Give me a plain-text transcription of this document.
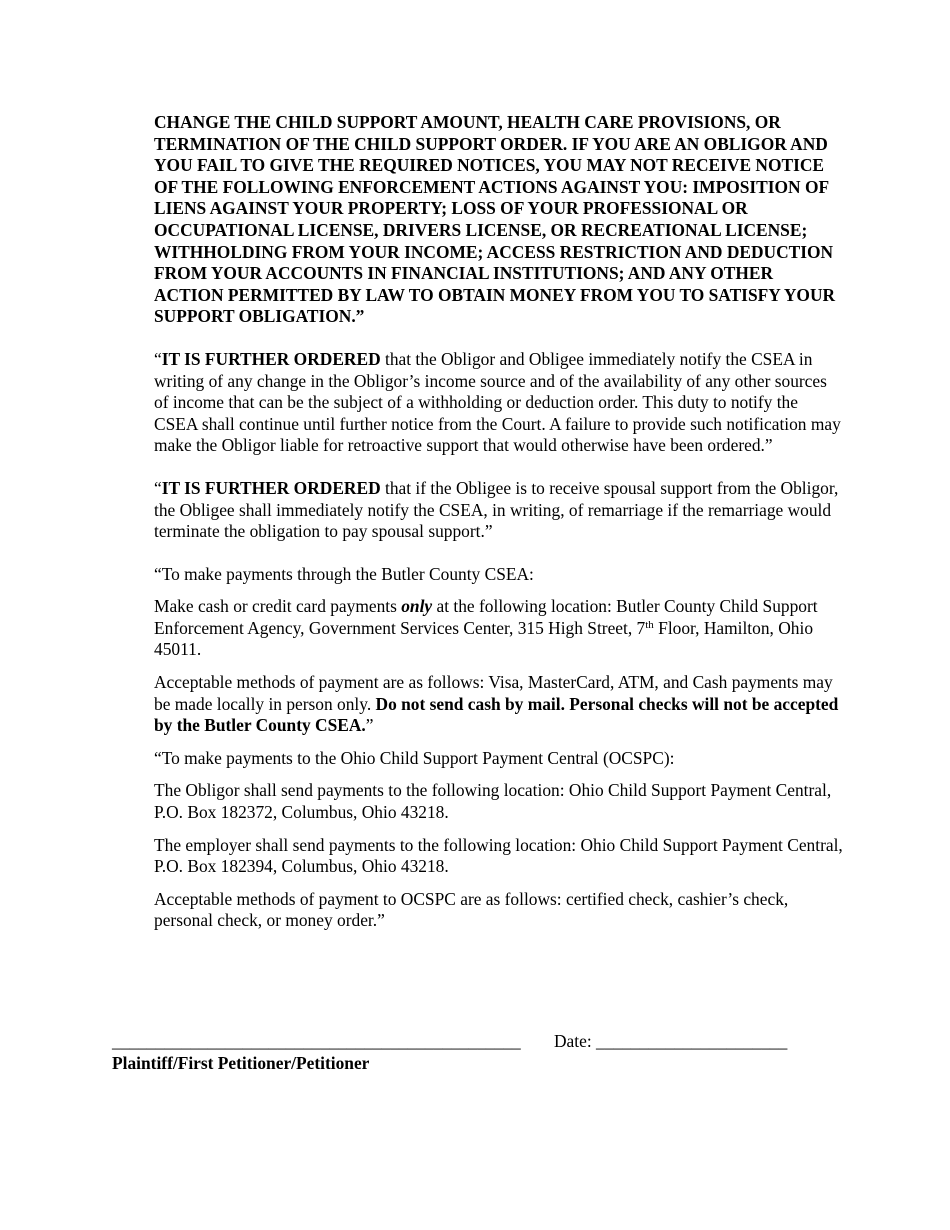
CHANGE THE CHILD SUPPORT AMOUNT, HEALTH CARE PROVISIONS, OR TERMINATION OF THE CHILD SUPPORT ORDER. IF YOU ARE AN OBLIGOR AND YOU FAIL TO GIVE THE REQUIRED NOTICES, YOU MAY NOT RECEIVE NOTICE OF THE FOLLOWING ENFORCEMENT ACTIONS AGAINST YOU: IMPOSITION OF LIENS AGAINST YOUR PROPERTY; LOSS OF YOUR PROFESSIONAL OR OCCUPATIONAL LICENSE, DRIVERS LICENSE, OR RECREATIONAL LICENSE; WITHHOLDING FROM YOUR INCOME; ACCESS RESTRICTION AND DEDUCTION FROM YOUR ACCOUNTS IN FINANCIAL INSTITUTIONS; AND ANY OTHER ACTION PERMITTED BY LAW TO OBTAIN MONEY FROM YOU TO SATISFY YOUR SUPPORT OBLIGATION.”

“IT IS FURTHER ORDERED that the Obligor and Obligee immediately notify the CSEA in writing of any change in the Obligor’s income source and of the availability of any other sources of income that can be the subject of a withholding or deduction order. This duty to notify the CSEA shall continue until further notice from the Court. A failure to provide such notification may make the Obligor liable for retroactive support that would otherwise have been ordered.”

“IT IS FURTHER ORDERED that if the Obligee is to receive spousal support from the Obligor, the Obligee shall immediately notify the CSEA, in writing, of remarriage if the remarriage would terminate the obligation to pay spousal support.”

“To make payments through the Butler County CSEA:

Make cash or credit card payments only at the following location: Butler County Child Support Enforcement Agency, Government Services Center, 315 High Street, 7th Floor, Hamilton, Ohio 45011.

Acceptable methods of payment are as follows: Visa, MasterCard, ATM, and Cash payments may be made locally in person only. Do not send cash by mail. Personal checks will not be accepted by the Butler County CSEA.”

“To make payments to the Ohio Child Support Payment Central (OCSPC):

The Obligor shall send payments to the following location: Ohio Child Support Payment Central, P.O. Box 182372, Columbus, Ohio 43218.

The employer shall send payments to the following location: Ohio Child Support Payment Central, P.O. Box 182394, Columbus, Ohio 43218.

Acceptable methods of payment to OCSPC are as follows: certified check, cashier’s check, personal check, or money order.”

_______________________________________________ Date: ______________________
Plaintiff/First Petitioner/Petitioner
